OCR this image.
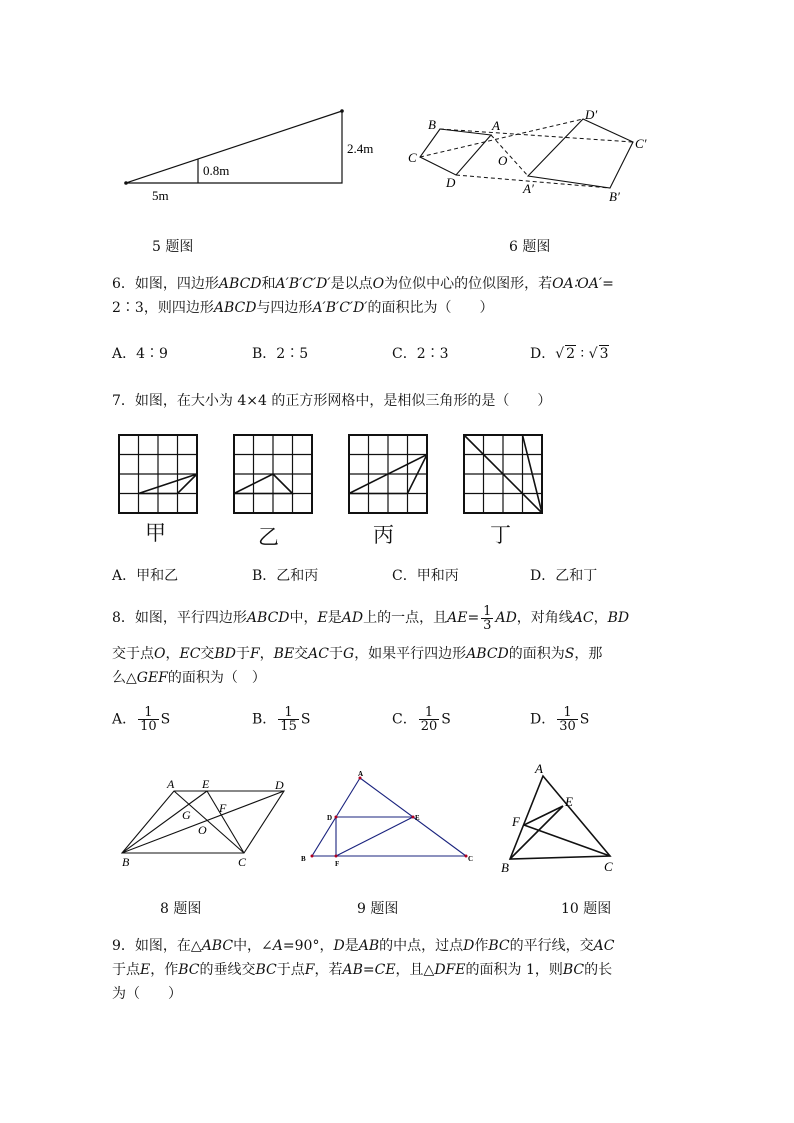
2.4m
0.8m
5m
5 题图
B	A
C
D
O
D′
C′
A′
B′
6 题图
6．如图，四边形ABCD和A′B′C′D′是以点O为位似中心的位似图形，若OA∶OA′=
2∶3，则四边形ABCD与四边形A′B′C′D′的面积比为（　　）
A．4∶9	B．2∶5	C．2∶3	D．√ 2 ∶ √ 3
7．如图，在大小为 4×4 的正方形网格中，是相似三角形的是（　　）
甲	乙	丙	丁
A．甲和乙	B．乙和丙	C．甲和丙	D．乙和丁
8．如图，平行四边形ABCD中，E是AD上的一点，且$AE= \frac{1}{3}$ AD，对角线AC，BD
交于点O，EC交BD于F，BE交AC于G，如果平行四边形ABCD的面积为S，那
么△GEF的面积为（　）
A． $\frac{1}{10}$ S	B． $\frac{1}{15}$ S	C． $\frac{1}{20}$ S	D． $\frac{1}{30}$ S
A E	D
G F
O
B	C
8 题图
A
D	E
B
F
C
9 题图
A
E
F
B	C
10 题图
9．如图，在△ABC中，∠A=90°，D是AB的中点，过点D作BC的平行线，交AC
于点E，作BC的垂线交BC于点F，若AB=CE，且△DFE的面积为 1，则BC的长
为（　　）
